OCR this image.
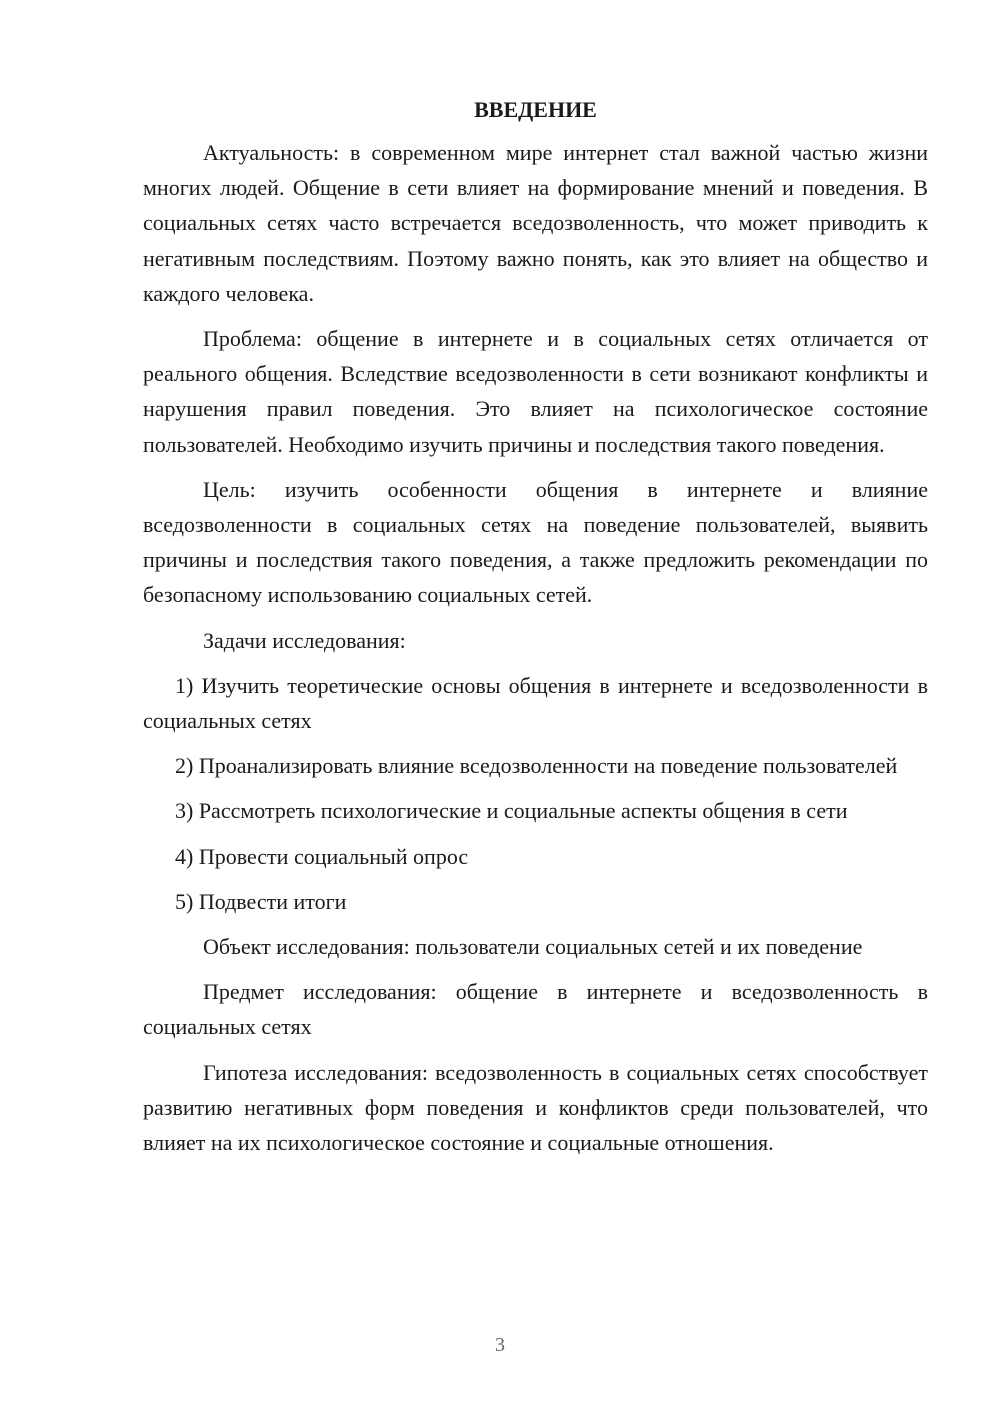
ВВЕДЕНИЕ

Актуальность: в современном мире интернет стал важной частью жизни многих людей. Общение в сети влияет на формирование мнений и поведения. В социальных сетях часто встречается вседозволенность, что может приводить к негативным последствиям. Поэтому важно понять, как это влияет на общество и каждого человека.

Проблема: общение в интернете и в социальных сетях отличается от реального общения. Вследствие вседозволенности в сети возникают конфликты и нарушения правил поведения. Это влияет на психологическое состояние пользователей. Необходимо изучить причины и последствия такого поведения.

Цель: изучить особенности общения в интернете и влияние вседозволенности в социальных сетях на поведение пользователей, выявить причины и последствия такого поведения, а также предложить рекомендации по безопасному использованию социальных сетей.

Задачи исследования:

1) Изучить теоретические основы общения в интернете и вседозволенности в социальных сетях

2) Проанализировать влияние вседозволенности на поведение пользователей

3) Рассмотреть психологические и социальные аспекты общения в сети

4) Провести социальный опрос

5) Подвести итоги

Объект исследования: пользователи социальных сетей и их поведение

Предмет исследования: общение в интернете и вседозволенность в социальных сетях

Гипотеза исследования: вседозволенность в социальных сетях способствует развитию негативных форм поведения и конфликтов среди пользователей, что влияет на их психологическое состояние и социальные отношения.

3
